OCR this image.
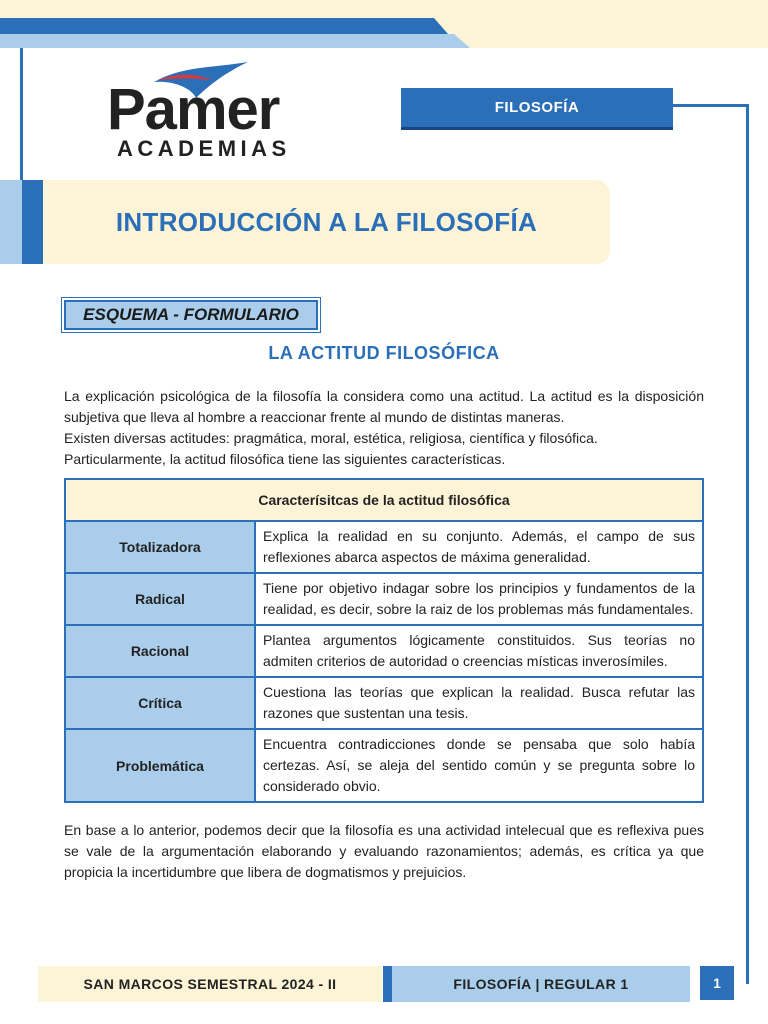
Pamer
ACADEMIAS
FILOSOFÍA
INTRODUCCIÓN A LA FILOSOFÍA
ESQUEMA - FORMULARIO
LA ACTITUD FILOSÓFICA

La explicación psicológica de la filosofía la considera como una actitud. La actitud es la disposición subjetiva que lleva al hombre a reaccionar frente al mundo de distintas maneras.

Existen diversas actitudes: pragmática, moral, estética, religiosa, científica y filosófica.

Particularmente, la actitud filosófica tiene las siguientes características.

Caracterísitcas de la actitud filosófica	
Totalizadora	Explica la realidad en su conjunto. Además, el campo de sus reflexiones abarca aspectos de máxima generalidad.
Radical	Tiene por objetivo indagar sobre los principios y fundamentos de la realidad, es decir, sobre la raiz de los problemas más fundamentales.
Racional	Plantea argumentos lógicamente constituidos. Sus teorías no admiten criterios de autoridad o creencias místicas inverosímiles.
Crítica	Cuestiona las teorías que explican la realidad. Busca refutar las razones que sustentan una tesis.
Problemática	Encuentra contradicciones donde se pensaba que solo había certezas. Así, se aleja del sentido común y se pregunta sobre lo considerado obvio.
En base a lo anterior, podemos decir que la filosofía es una actividad intelecual que es reflexiva pues se vale de la argumentación elaborando y evaluando razonamientos; además, es crítica ya que propicia la incertidumbre que libera de dogmatismos y prejuicios.
SAN MARCOS SEMESTRAL 2024 - II	FILOSOFÍA | REGULAR 1	1
